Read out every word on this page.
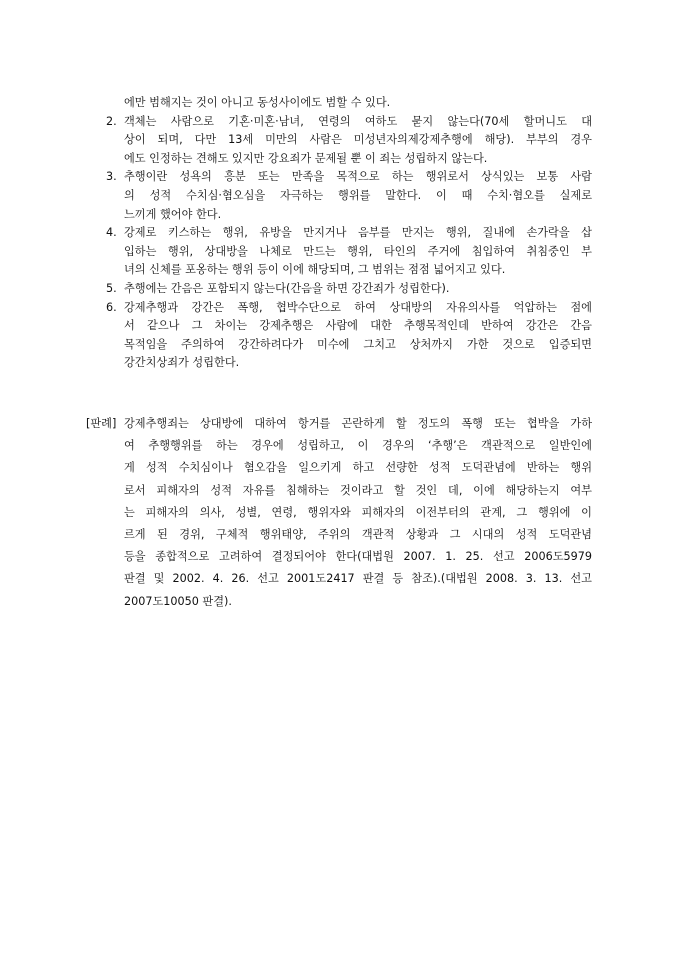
에만 범해지는 것이 아니고 동성사이에도 범할 수 있다.
2. 객체는 사람으로 기혼·미혼·남녀, 연령의 여하도 묻지 않는다(70세 할머니도 대
상이 되며, 다만 13세 미만의 사람은 미성년자의제강제추행에 해당). 부부의 경우
에도 인정하는 견해도 있지만 강요죄가 문제될 뿐 이 죄는 성립하지 않는다.
3. 추행이란 성욕의 흥분 또는 만족을 목적으로 하는 행위로서 상식있는 보통 사람
의 성적 수치심·혐오심을 자극하는 행위를 말한다. 이 때 수치·혐오를 실제로
느끼게 했어야 한다.
4. 강제로 키스하는 행위, 유방을 만지거나 음부를 만지는 행위, 질내에 손가락을 삽
입하는 행위, 상대방을 나체로 만드는 행위, 타인의 주거에 침입하여 취침중인 부
녀의 신체를 포옹하는 행위 등이 이에 해당되며, 그 범위는 점점 넓어지고 있다.
5. 추행에는 간음은 포함되지 않는다(간음을 하면 강간죄가 성립한다).
6. 강제추행과 강간은 폭행, 협박수단으로 하여 상대방의 자유의사를 억압하는 점에
서 같으나 그 차이는 강제추행은 사람에 대한 추행목적인데 반하여 강간은 간음
목적임을 주의하여 강간하려다가 미수에 그치고 상처까지 가한 것으로 입증되면
강간치상죄가 성립한다.
[판례] 강제추행죄는 상대방에 대하여 항거를 곤란하게 할 정도의 폭행 또는 협박을 가하
여 추행행위를 하는 경우에 성립하고, 이 경우의 ‘추행’은 객관적으로 일반인에
게 성적 수치심이나 혐오감을 일으키게 하고 선량한 성적 도덕관념에 반하는 행위
로서 피해자의 성적 자유를 침해하는 것이라고 할 것인 데, 이에 해당하는지 여부
는 피해자의 의사, 성별, 연령, 행위자와 피해자의 이전부터의 관계, 그 행위에 이
르게 된 경위, 구체적 행위태양, 주위의 객관적 상황과 그 시대의 성적 도덕관념
등을 종합적으로 고려하여 결정되어야 한다(대법원 2007. 1. 25. 선고 2006도5979
판결 및 2002. 4. 26. 선고 2001도2417 판결 등 참조).(대법원 2008. 3. 13. 선고
2007도10050 판결).
